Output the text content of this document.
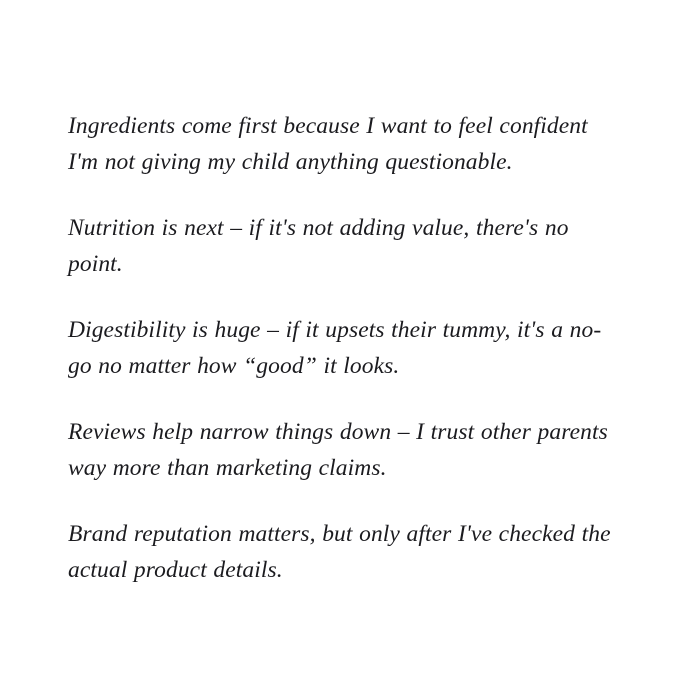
Ingredients come first because I want to feel confident I'm not giving my child anything questionable.

Nutrition is next – if it's not adding value, there's no point.

Digestibility is huge – if it upsets their tummy, it's a no-go no matter how “good” it looks.

Reviews help narrow things down – I trust other parents way more than marketing claims.

Brand reputation matters, but only after I've checked the actual product details.
